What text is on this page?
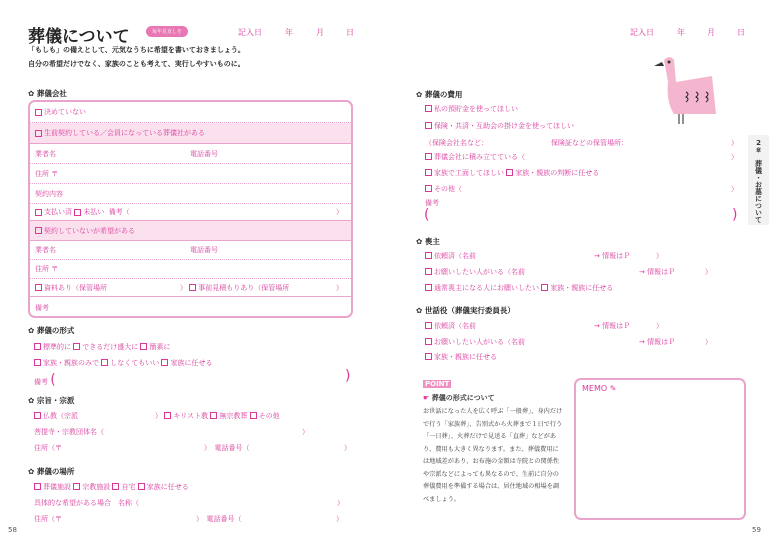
葬儀について	毎年見直しを	記入日	年	月	日
「もしも」の備えとして、元気なうちに希望を書いておきましょう。
自分の希望だけでなく、家族のことも考えて、実行しやすいものに。
✿ 葬儀会社
決めていない
生前契約している／会員になっている葬儀社がある
業者名	電話番号
住所 〒
契約内容
支払い済
未払い
備考（	）
契約していないが希望がある
業者名	電話番号
住所 〒
資料あり（保管場所	）
事前見積もりあり（保管場所	）
備考
✿ 葬儀の形式
標準的に できるだけ盛大に 簡素に
家族・親族のみで しなくてもいい 家族に任せる
備考 (	)
✿ 宗旨・宗派
仏教（宗派	） キリスト教 無宗教葬 その他
菩提寺・宗教団体名（	）
住所（〒	）　電話番号（	）
✿ 葬儀の場所
葬儀施設 宗教施設 自宅 家族に任せる
具体的な希望がある場合　名称（	）
住所（〒	）　電話番号（	）
58
記入日	年	月	日
2
章
葬儀・お墓について
✿ 葬儀の費用
私の預貯金を使ってほしい
保険・共済・互助会の掛け金を使ってほしい
（保険会社名など：	保険証などの保管場所：	）
葬儀会社に積み立てている（	）
家族で工面してほしい 家族・親族の判断に任せる
その他（	）
備考
(	)
✿ 喪主
依頼済（名前	→ 情報はＰ	）
お願いしたい人がいる（名前	→ 情報はＰ	）
通常喪主になる人にお願いしたい 家族・親族に任せる
✿ 世話役（葬儀実行委員長）
依頼済（名前	→ 情報はＰ	）
お願いしたい人がいる（名前	→ 情報はＰ	）
家族・親族に任せる
POINT
☛ 葬儀の形式について
お世話になった人を広く呼ぶ「一般葬」、身内だけで行う「家族葬」、告別式から火葬まで１日で行う「一日葬」、火葬だけで見送る「直葬」などがあり、費用も大きく異なります。また、葬儀費用には地域差があり、お布施の金額は寺院との関係性や宗派などによっても異なるので、生前に自分の葬儀費用を準備する場合は、居住地域の相場を調べましょう。
MEMO ✎
59
